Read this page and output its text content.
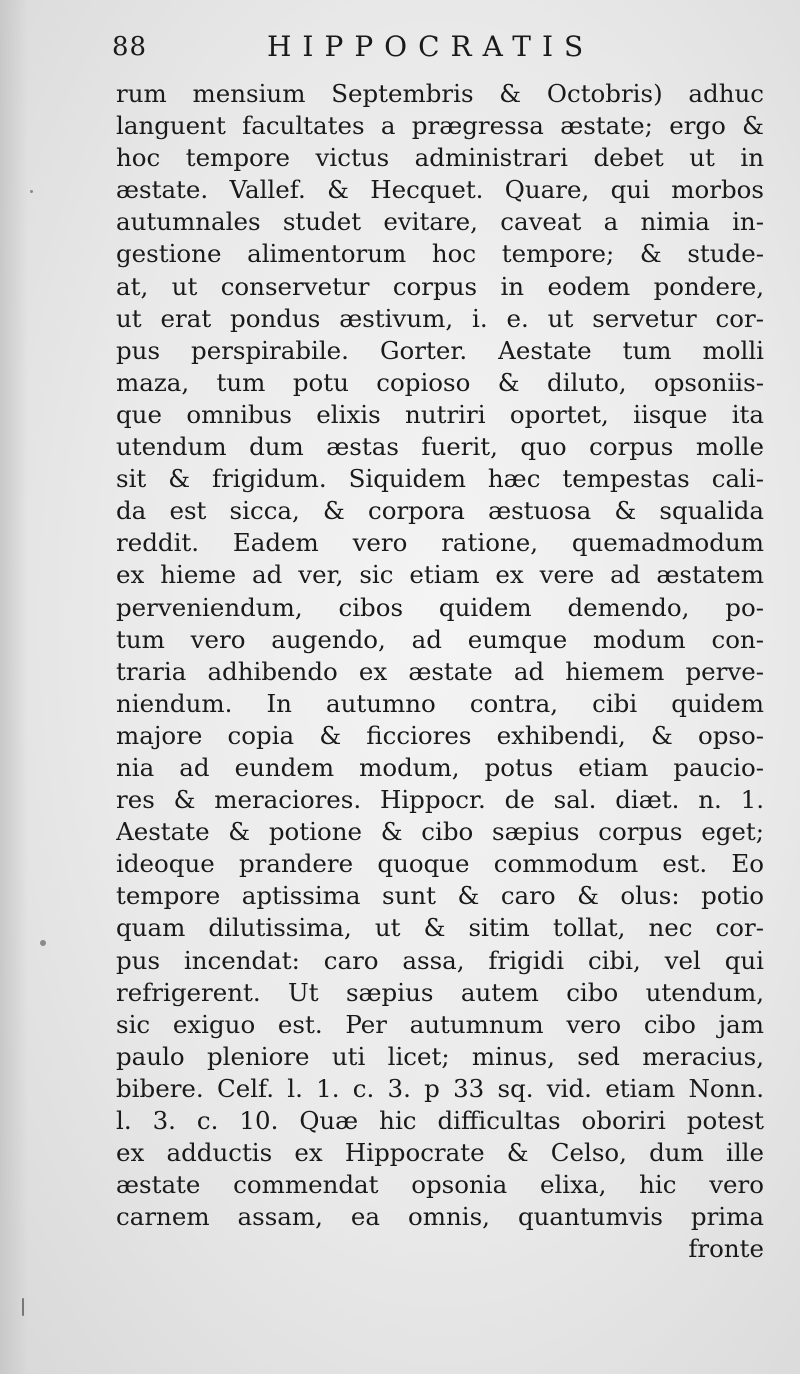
88	HIPPOCRATIS
rum mensium Septembris & Octobris) adhuc
languent facultates a prægressa æstate; ergo &
hoc tempore victus administrari debet ut in
æstate. Vallef. & Hecquet. Quare, qui morbos
autumnales studet evitare, caveat a nimia in-
gestione alimentorum hoc tempore; & stude-
at, ut conservetur corpus in eodem pondere,
ut erat pondus æstivum, i. e. ut servetur cor-
pus perspirabile. Gorter. Aestate tum molli
maza, tum potu copioso & diluto, opsoniis-
que omnibus elixis nutriri oportet, iisque ita
utendum dum æstas fuerit, quo corpus molle
sit & frigidum. Siquidem hæc tempestas cali-
da est sicca, & corpora æstuosa & squalida
reddit. Eadem vero ratione, quemadmodum
ex hieme ad ver, sic etiam ex vere ad æstatem
perveniendum, cibos quidem demendo, po-
tum vero augendo, ad eumque modum con-
traria adhibendo ex æstate ad hiemem perve-
niendum. In autumno contra, cibi quidem
majore copia & ficciores exhibendi, & opso-
nia ad eundem modum, potus etiam paucio-
res & meraciores. Hippocr. de sal. diæt. n. 1.
Aestate & potione & cibo sæpius corpus eget;
ideoque prandere quoque commodum est. Eo
tempore aptissima sunt & caro & olus: potio
quam dilutissima, ut & sitim tollat, nec cor-
pus incendat: caro assa, frigidi cibi, vel qui
refrigerent. Ut sæpius autem cibo utendum,
sic exiguo est. Per autumnum vero cibo jam
paulo pleniore uti licet; minus, sed meracius,
bibere. Celf. l. 1. c. 3. p 33 sq. vid. etiam Nonn.
l. 3. c. 10. Quæ hic difficultas oboriri potest
ex adductis ex Hippocrate & Celso, dum ille
æstate commendat opsonia elixa, hic vero
carnem assam, ea omnis, quantumvis prima
fronte
